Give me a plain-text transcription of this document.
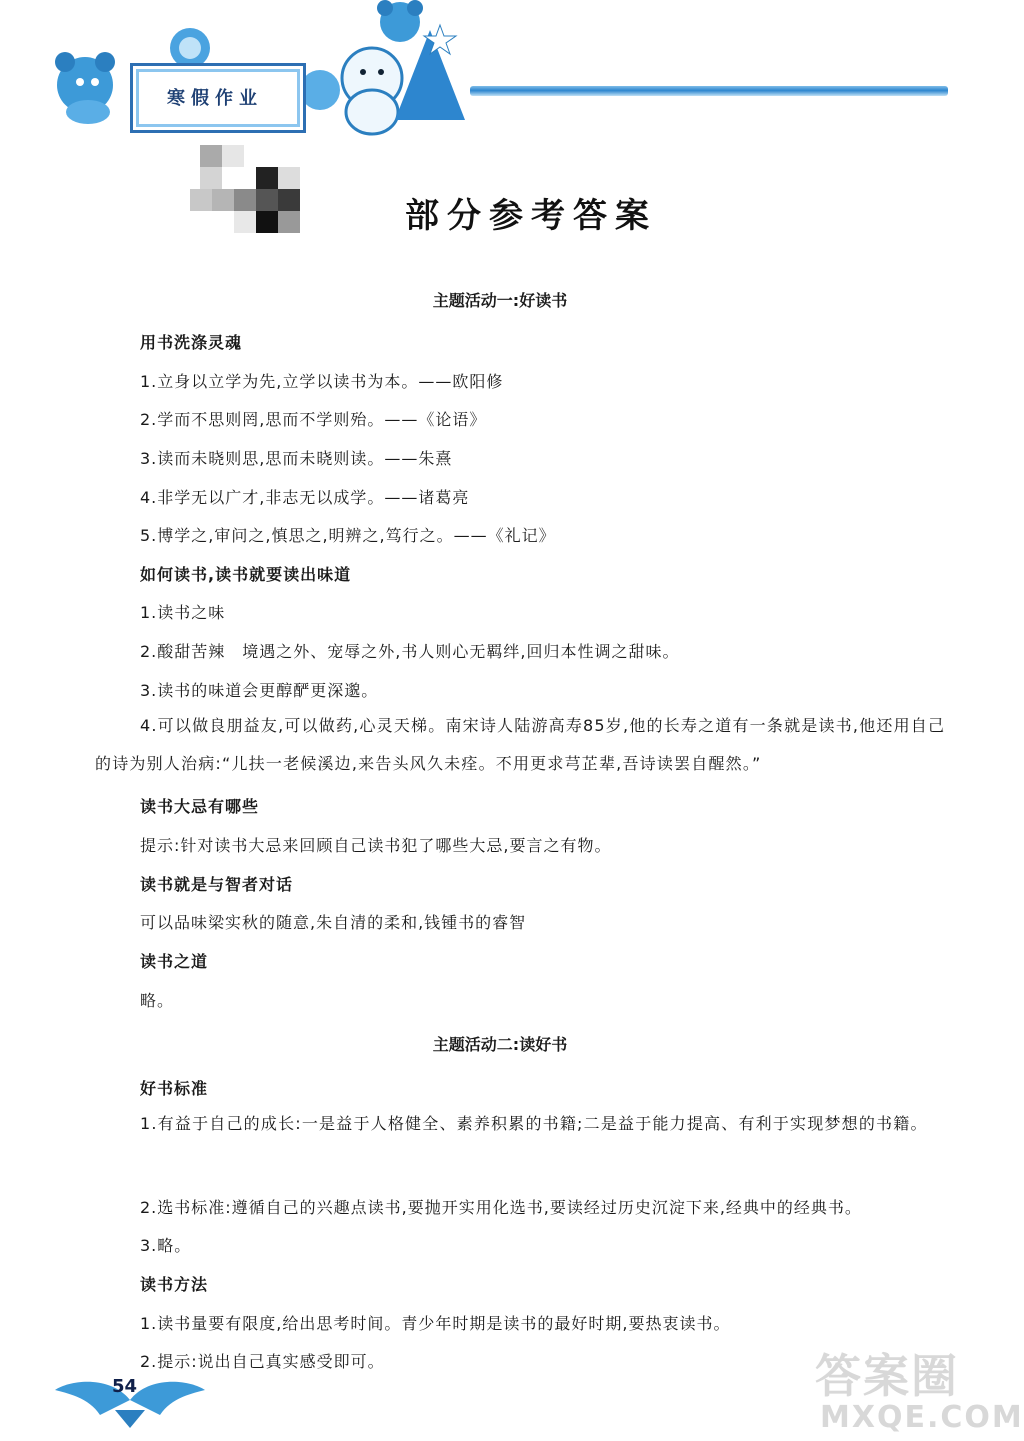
寒假作业
部分参考答案
主题活动一:好读书
用书洗涤灵魂
1.立身以立学为先,立学以读书为本。——欧阳修
2.学而不思则罔,思而不学则殆。——《论语》
3.读而未晓则思,思而未晓则读。——朱熹
4.非学无以广才,非志无以成学。——诸葛亮
5.博学之,审问之,慎思之,明辨之,笃行之。——《礼记》
如何读书,读书就要读出味道
1.读书之味
2.酸甜苦辣　境遇之外、宠辱之外,书人则心无羁绊,回归本性调之甜味。
3.读书的味道会更醇酽更深邈。
4.可以做良朋益友,可以做药,心灵天梯。南宋诗人陆游高寿85岁,他的长寿之道有一条就是读书,他还用自己的诗为别人治病:“儿扶一老候溪边,来告头风久未痊。不用更求芎芷辈,吾诗读罢自醒然。”
读书大忌有哪些
提示:针对读书大忌来回顾自己读书犯了哪些大忌,要言之有物。
读书就是与智者对话
可以品味梁实秋的随意,朱自清的柔和,钱锺书的睿智
读书之道
略。
主题活动二:读好书
好书标准
1.有益于自己的成长:一是益于人格健全、素养积累的书籍;二是益于能力提高、有利于实现梦想的书籍。
2.选书标准:遵循自己的兴趣点读书,要抛开实用化选书,要读经过历史沉淀下来,经典中的经典书。
3.略。
读书方法
1.读书量要有限度,给出思考时间。青少年时期是读书的最好时期,要热衷读书。
2.提示:说出自己真实感受即可。
54	答案圈
MXQE.COM
